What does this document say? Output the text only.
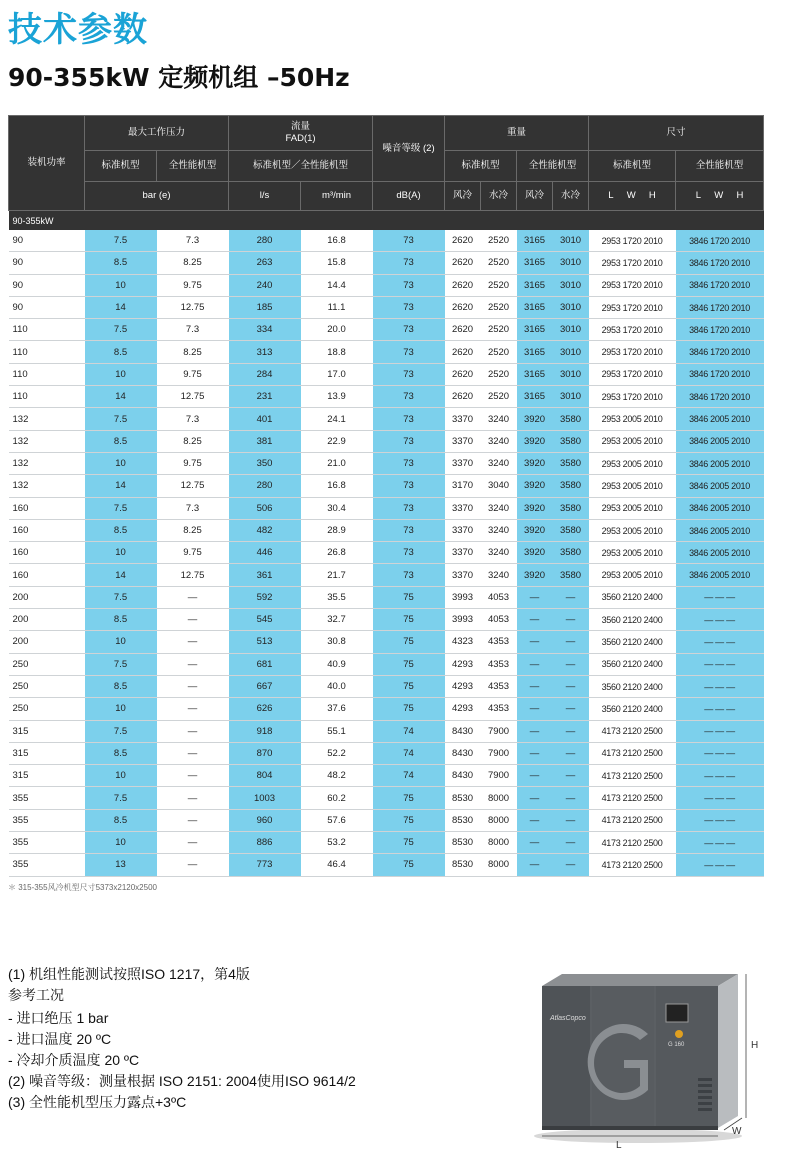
技术参数
90-355kW 定频机组 –50Hz
装机功率	最大工作压力		流量
FAD(1)		噪音等级 (2)	重量				尺寸	
	标准机型	全性能机型	标准机型／全性能机型			标准机型		全性能机型		标准机型	全性能机型
	bar (e)		l/s	m³/min	dB(A)	风冷	水冷	风冷	水冷	L W H	L W H
90-355kW											
90	7.5	7.3	280	16.8	73	2620	2520	3165	3010	2953 1720 2010	3846 1720 2010
90	8.5	8.25	263	15.8	73	2620	2520	3165	3010	2953 1720 2010	3846 1720 2010
90	10	9.75	240	14.4	73	2620	2520	3165	3010	2953 1720 2010	3846 1720 2010
90	14	12.75	185	11.1	73	2620	2520	3165	3010	2953 1720 2010	3846 1720 2010
110	7.5	7.3	334	20.0	73	2620	2520	3165	3010	2953 1720 2010	3846 1720 2010
110	8.5	8.25	313	18.8	73	2620	2520	3165	3010	2953 1720 2010	3846 1720 2010
110	10	9.75	284	17.0	73	2620	2520	3165	3010	2953 1720 2010	3846 1720 2010
110	14	12.75	231	13.9	73	2620	2520	3165	3010	2953 1720 2010	3846 1720 2010
132	7.5	7.3	401	24.1	73	3370	3240	3920	3580	2953 2005 2010	3846 2005 2010
132	8.5	8.25	381	22.9	73	3370	3240	3920	3580	2953 2005 2010	3846 2005 2010
132	10	9.75	350	21.0	73	3370	3240	3920	3580	2953 2005 2010	3846 2005 2010
132	14	12.75	280	16.8	73	3170	3040	3920	3580	2953 2005 2010	3846 2005 2010
160	7.5	7.3	506	30.4	73	3370	3240	3920	3580	2953 2005 2010	3846 2005 2010
160	8.5	8.25	482	28.9	73	3370	3240	3920	3580	2953 2005 2010	3846 2005 2010
160	10	9.75	446	26.8	73	3370	3240	3920	3580	2953 2005 2010	3846 2005 2010
160	14	12.75	361	21.7	73	3370	3240	3920	3580	2953 2005 2010	3846 2005 2010
200	7.5	—	592	35.5	75	3993	4053	—	—	3560 2120 2400	— — —
200	8.5	—	545	32.7	75	3993	4053	—	—	3560 2120 2400	— — —
200	10	—	513	30.8	75	4323	4353	—	—	3560 2120 2400	— — —
250	7.5	—	681	40.9	75	4293	4353	—	—	3560 2120 2400	— — —
250	8.5	—	667	40.0	75	4293	4353	—	—	3560 2120 2400	— — —
250	10	—	626	37.6	75	4293	4353	—	—	3560 2120 2400	— — —
315	7.5	—	918	55.1	74	8430	7900	—	—	4173 2120 2500	— — —
315	8.5	—	870	52.2	74	8430	7900	—	—	4173 2120 2500	— — —
315	10	—	804	48.2	74	8430	7900	—	—	4173 2120 2500	— — —
355	7.5	—	1003	60.2	75	8530	8000	—	—	4173 2120 2500	— — —
355	8.5	—	960	57.6	75	8530	8000	—	—	4173 2120 2500	— — —
355	10	—	886	53.2	75	8530	8000	—	—	4173 2120 2500	— — —
355	13	—	773	46.4	75	8530	8000	—	—	4173 2120 2500	— — —
＊ 315-355风冷机型尺寸5373x2120x2500

(1) 机组性能测试按照ISO 1217，第4版

参考工况

- 进口绝压 1 bar

- 进口温度 20 ºC

- 冷却介质温度 20 ºC

(2) 噪音等级：测量根据 ISO 2151: 2004使用ISO 9614/2

(3) 全性能机型压力露点+3ºC

AtlasCopco
G 160	H
W
L
